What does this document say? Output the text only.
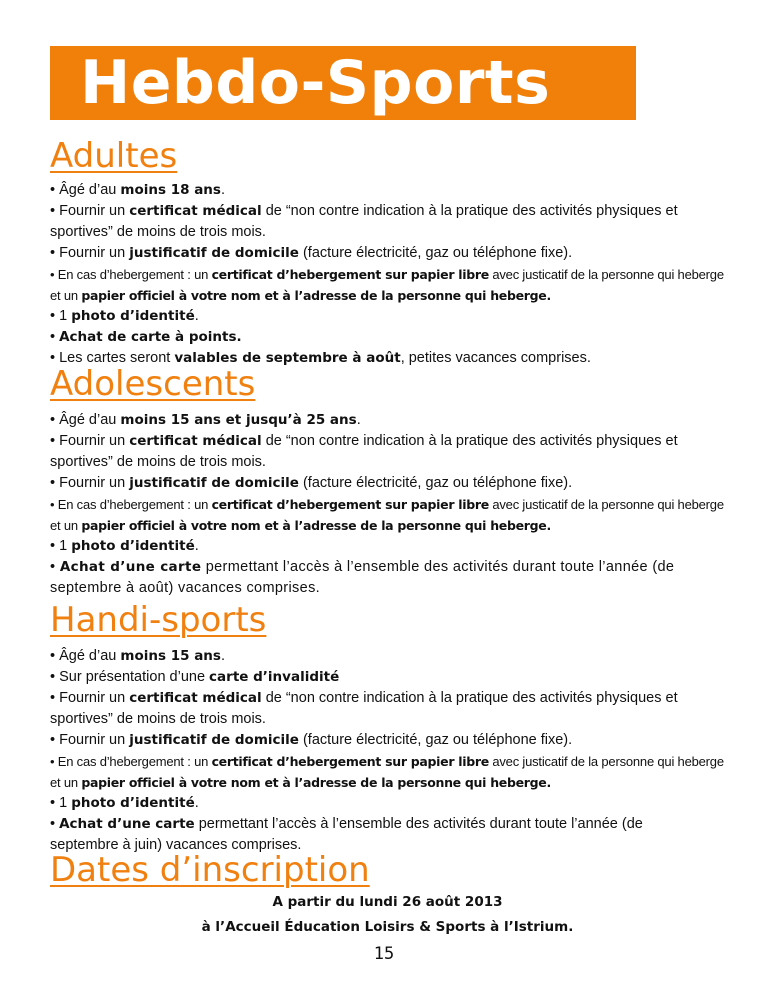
Hebdo-Sports
Adultes
• Âgé d’au moins 18 ans.
• Fournir un certificat médical de “non contre indication à la pratique des activités physiques et sportives” de moins de trois mois.
• Fournir un justificatif de domicile (facture électricité, gaz ou téléphone fixe).
• En cas d’hebergement : un certificat d’hebergement sur papier libre avec justicatif de la personne qui heberge et un papier officiel à votre nom et à l’adresse de la personne qui heberge.
• 1 photo d’identité.
• Achat de carte à points.
• Les cartes seront valables de septembre à août, petites vacances comprises.
Adolescents
• Âgé d’au moins 15 ans et jusqu’à 25 ans.
• Fournir un certificat médical de “non contre indication à la pratique des activités physiques et sportives” de moins de trois mois.
• Fournir un justificatif de domicile (facture électricité, gaz ou téléphone fixe).
• En cas d’hebergement : un certificat d’hebergement sur papier libre avec justicatif de la personne qui heberge et un papier officiel à votre nom et à l’adresse de la personne qui heberge.
• 1 photo d’identité.
• Achat d’une carte permettant l’accès à l’ensemble des activités durant toute l’année (de septembre à août) vacances comprises.
Handi-sports
• Âgé d’au moins 15 ans.
• Sur présentation d’une carte d’invalidité
• Fournir un certificat médical de “non contre indication à la pratique des activités physiques et sportives” de moins de trois mois.
• Fournir un justificatif de domicile (facture électricité, gaz ou téléphone fixe).
• En cas d’hebergement : un certificat d’hebergement sur papier libre avec justicatif de la personne qui heberge et un papier officiel à votre nom et à l’adresse de la personne qui heberge.
• 1 photo d’identité.
• Achat d’une carte permettant l’accès à l’ensemble des activités durant toute l’année (de septembre à juin) vacances comprises.
Dates d’inscription

A partir du lundi 26 août 2013

à l’Accueil Éducation Loisirs & Sports à l’Istrium.

15
